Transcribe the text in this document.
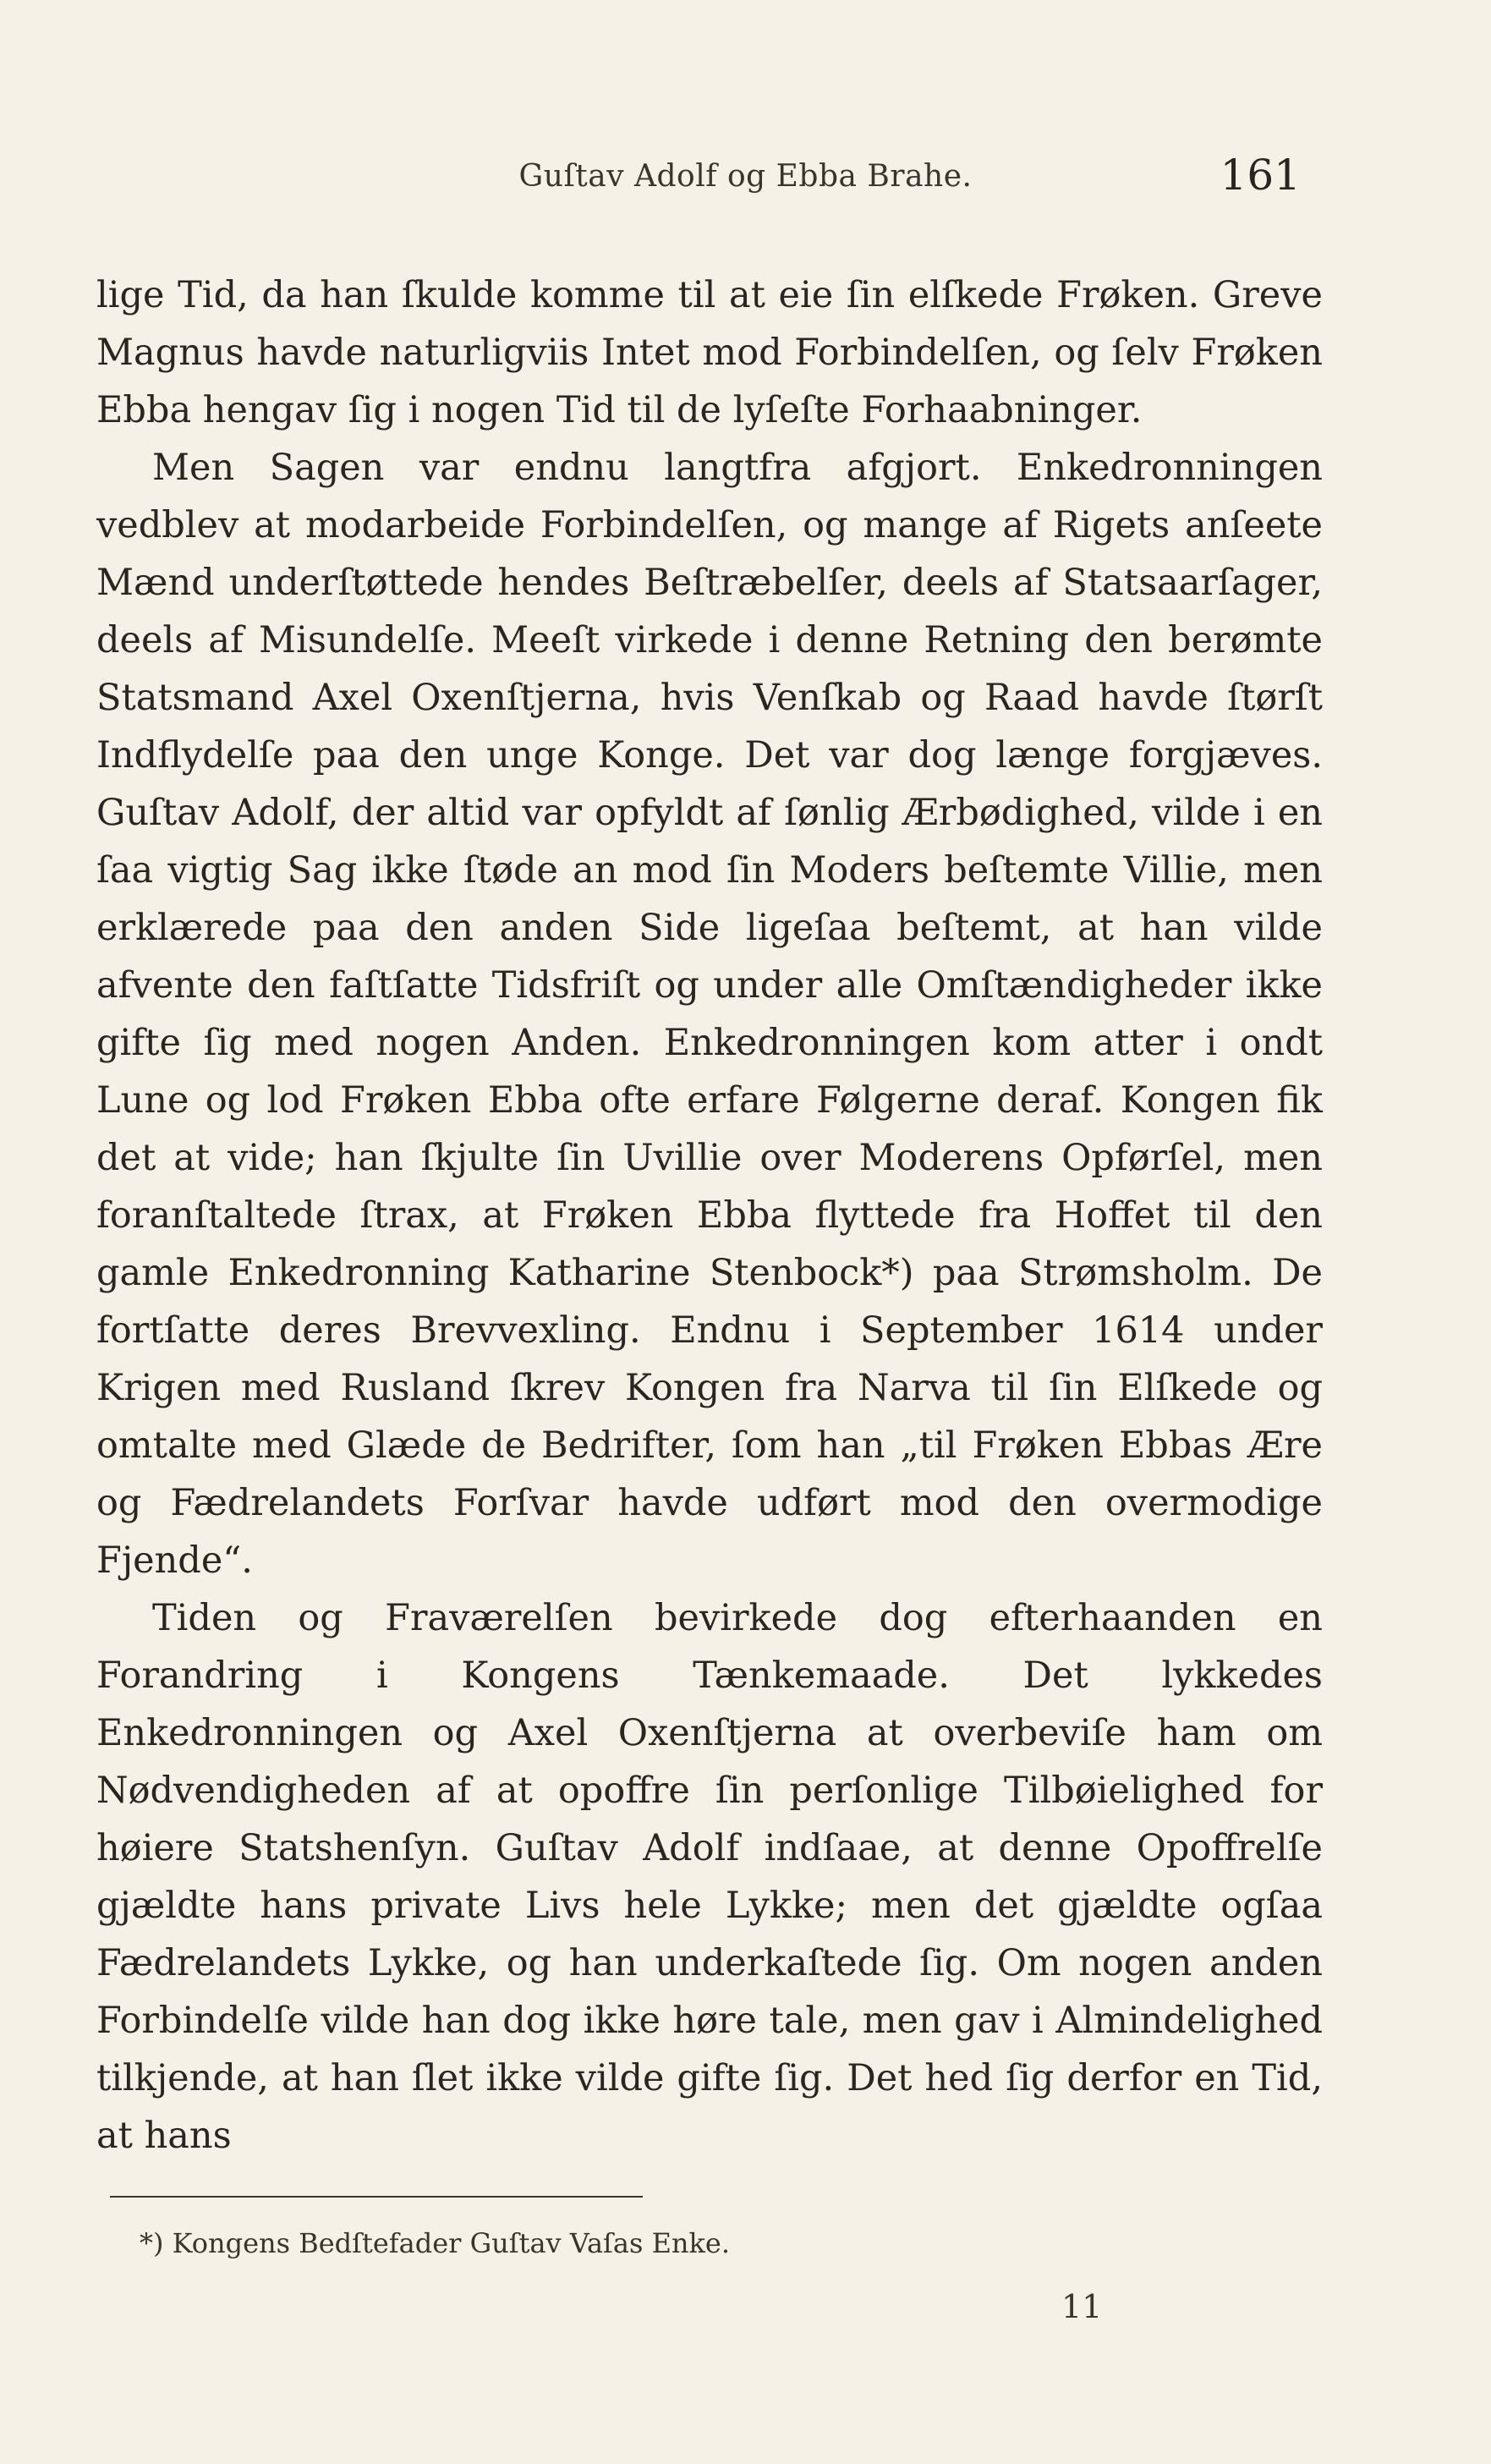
Guſtav Adolf og Ebba Brahe.	161

lige Tid, da han ſkulde komme til at eie ſin elſkede Frøken. Greve Magnus havde naturligviis Intet mod Forbindelſen, og ſelv Frøken Ebba hengav ſig i nogen Tid til de lyſeſte Forhaabninger.

Men Sagen var endnu langtfra afgjort. Enkedronningen vedblev at modarbeide Forbindelſen, og mange af Rigets anſeete Mænd underſtøttede hendes Beſtræbelſer, deels af Statsaarſager, deels af Misundelſe. Meeſt virkede i denne Retning den berømte Statsmand Axel Oxenſtjerna, hvis Venſkab og Raad havde ſtørſt Indflydelſe paa den unge Konge. Det var dog længe forgjæves. Guſtav Adolf, der altid var opfyldt af ſønlig Ærbødighed, vilde i en ſaa vigtig Sag ikke ſtøde an mod ſin Moders beſtemte Villie, men erklærede paa den anden Side ligeſaa beſtemt, at han vilde afvente den faſtſatte Tidsfriſt og under alle Omſtændigheder ikke gifte ſig med nogen Anden. Enkedronningen kom atter i ondt Lune og lod Frøken Ebba ofte erfare Følgerne deraf. Kongen fik det at vide; han ſkjulte ſin Uvillie over Moderens Opførſel, men foranſtaltede ſtrax, at Frøken Ebba flyttede fra Hoffet til den gamle Enkedronning Katharine Stenbock*) paa Strømsholm. De fortſatte deres Brevvexling. Endnu i September 1614 under Krigen med Rusland ſkrev Kongen fra Narva til ſin Elſkede og omtalte med Glæde de Bedrifter, ſom han „til Frøken Ebbas Ære og Fædrelandets Forſvar havde udført mod den overmodige Fjende“.

Tiden og Fraværelſen bevirkede dog efterhaanden en Forandring i Kongens Tænkemaade. Det lykkedes Enkedronningen og Axel Oxenſtjerna at overbeviſe ham om Nødvendigheden af at opoffre ſin perſonlige Tilbøielighed for høiere Statshenſyn. Guſtav Adolf indſaae, at denne Opoffrelſe gjældte hans private Livs hele Lykke; men det gjældte ogſaa Fædrelandets Lykke, og han underkaſtede ſig. Om nogen anden Forbindelſe vilde han dog ikke høre tale, men gav i Almindelighed tilkjende, at han ſlet ikke vilde gifte ſig. Det hed ſig derfor en Tid, at hans

*) Kongens Bedſtefader Guſtav Vaſas Enke.
11
